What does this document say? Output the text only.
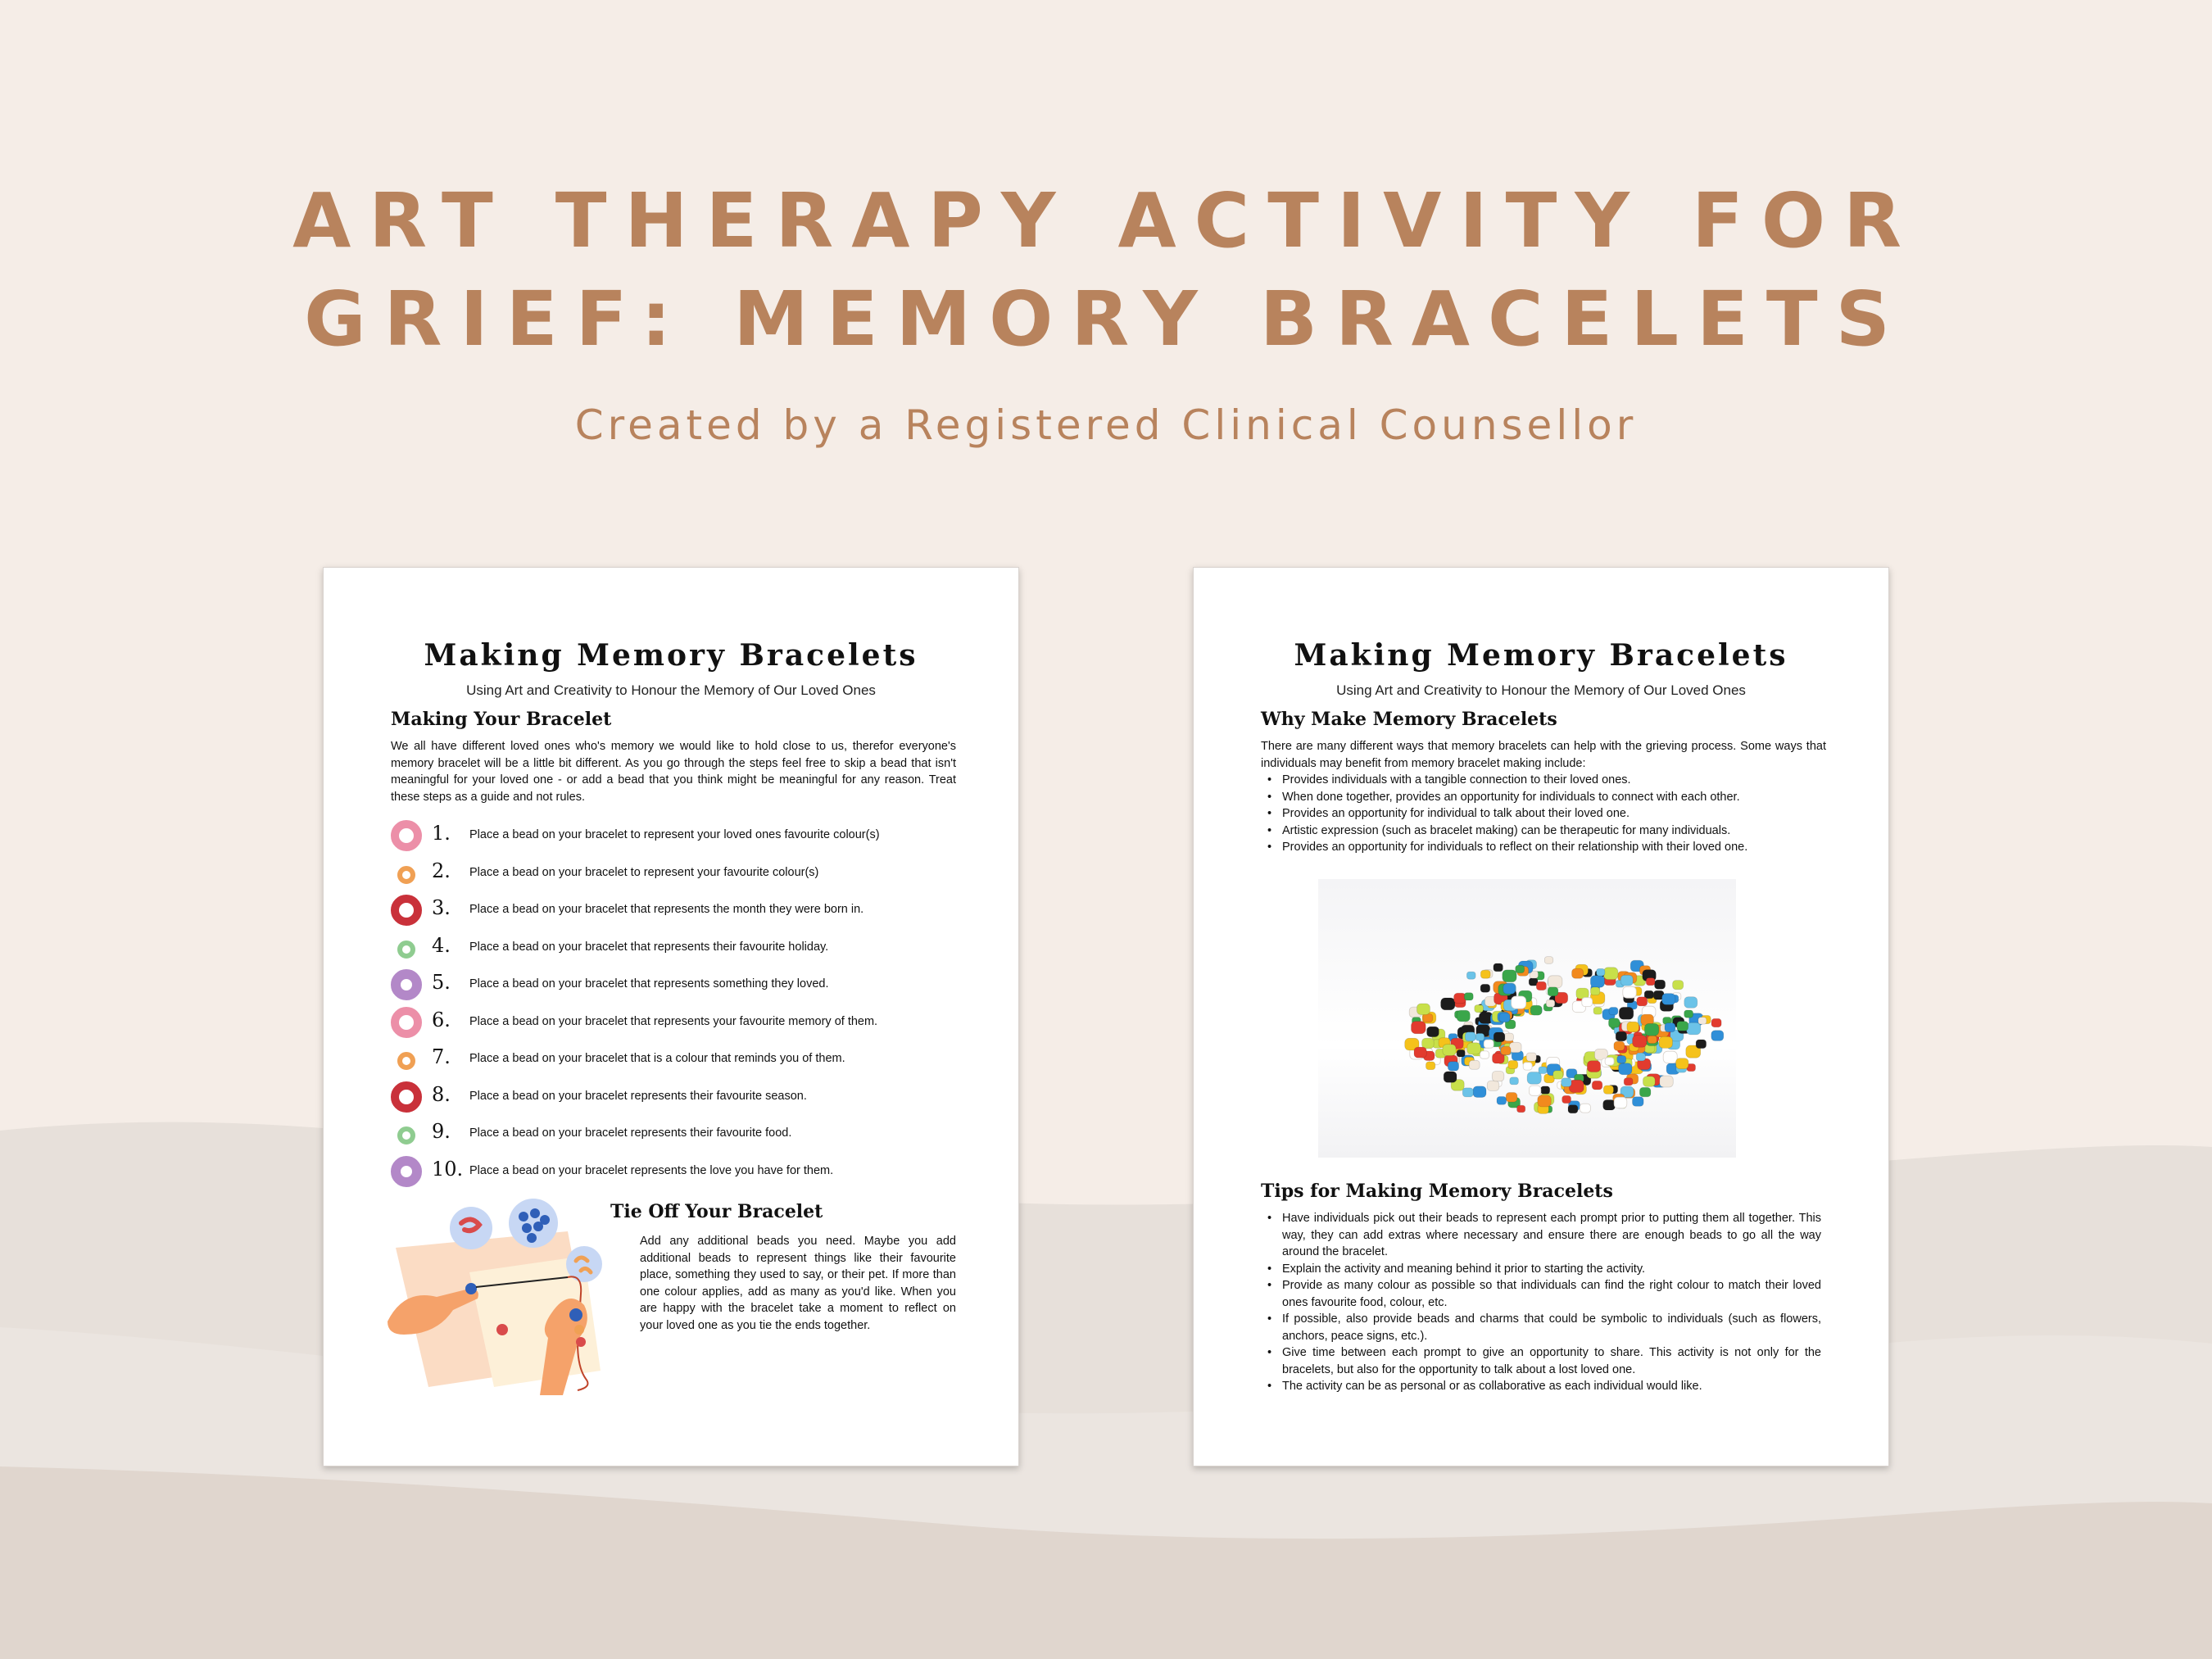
ART THERAPY ACTIVITY FOR
GRIEF: MEMORY BRACELETS

Created by a Registered Clinical Counsellor

Making Memory Bracelets

Using Art and Creativity to Honour the Memory of Our Loved Ones

Making Your Bracelet

We all have different loved ones who's memory we would like to hold close to us, therefor everyone's memory bracelet will be a little bit different. As you go through the steps feel free to skip a bead that isn't meaningful for your loved one - or add a bead that you think might be meaningful for any reason. Treat these steps as a guide and not rules.

1. Place a bead on your bracelet to represent your loved ones favourite colour(s)
2. Place a bead on your bracelet to represent your favourite colour(s)
3. Place a bead on your bracelet that represents the month they were born in.
4. Place a bead on your bracelet that represents their favourite holiday.
5. Place a bead on your bracelet that represents something they loved.
6. Place a bead on your bracelet that represents your favourite memory of them.
7. Place a bead on your bracelet that is a colour that reminds you of them.
8. Place a bead on your bracelet represents their favourite season.
9. Place a bead on your bracelet represents their favourite food.
10. Place a bead on your bracelet represents the love you have for them.
Tie Off Your Bracelet

Add any additional beads you need. Maybe you add additional beads to represent things like their favourite place, something they used to say, or their pet. If more than one colour applies, add as many as you'd like. When you are happy with the bracelet take a moment to reflect on your loved one as you tie the ends together.

Making Memory Bracelets

Using Art and Creativity to Honour the Memory of Our Loved Ones

Why Make Memory Bracelets

There are many different ways that memory bracelets can help with the grieving process. Some ways that individuals may benefit from memory bracelet making include:

• Provides individuals with a tangible connection to their loved ones.
• When done together, provides an opportunity for individuals to connect with each other.
• Provides an opportunity for individual to talk about their loved one.
• Artistic expression (such as bracelet making) can be therapeutic for many individuals.
• Provides an opportunity for individuals to reflect on their relationship with their loved one.
Tips for Making Memory Bracelets
• Have individuals pick out their beads to represent each prompt prior to putting them all together. This way, they can add extras where necessary and ensure there are enough beads to go all the way around the bracelet.
• Explain the activity and meaning behind it prior to starting the activity.
• Provide as many colour as possible so that individuals can find the right colour to match their loved ones favourite food, colour, etc.
• If possible, also provide beads and charms that could be symbolic to individuals (such as flowers, anchors, peace signs, etc.).
• Give time between each prompt to give an opportunity to share. This activity is not only for the bracelets, but also for the opportunity to talk about a lost loved one.
• The activity can be as personal or as collaborative as each individual would like.
